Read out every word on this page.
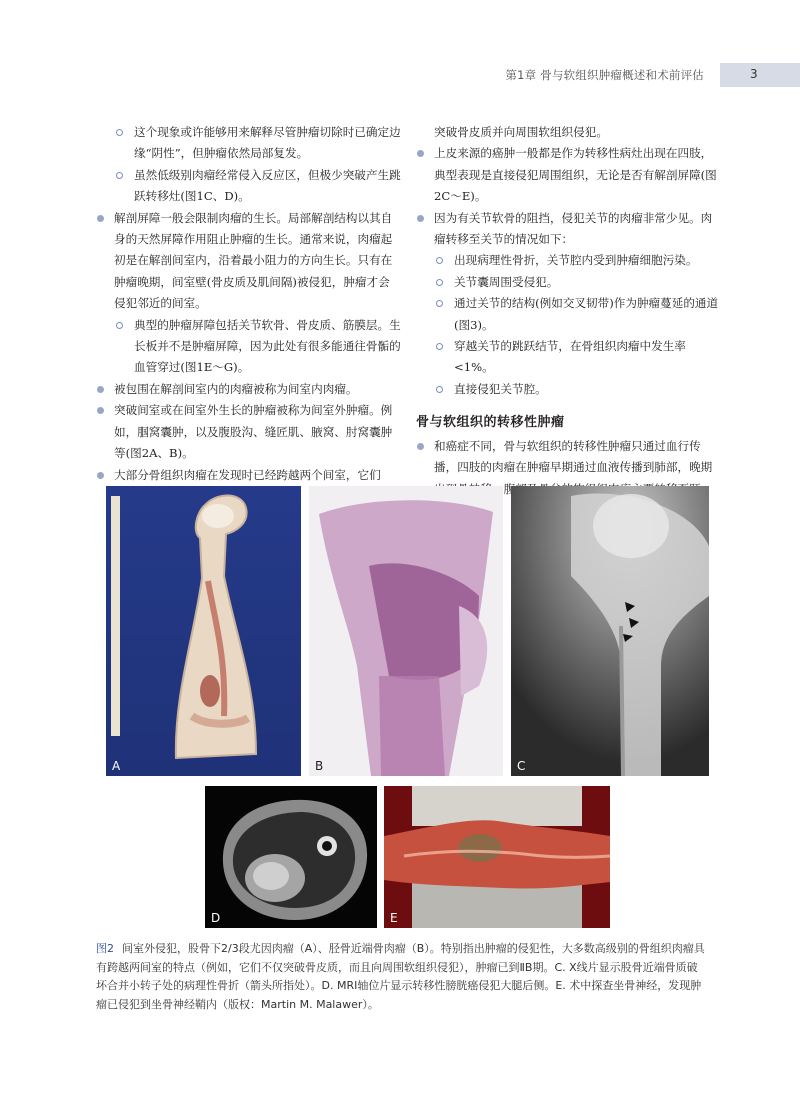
第1章 骨与软组织肿瘤概述和术前评估	3
这个现象或许能够用来解释尽管肿瘤切除时已确定边缘“阴性”，但肿瘤依然局部复发。
虽然低级别肉瘤经常侵入反应区，但极少突破产生跳跃转移灶(图1C、D)。
解剖屏障一般会限制肉瘤的生长。局部解剖结构以其自身的天然屏障作用阻止肿瘤的生长。通常来说，肉瘤起初是在解剖间室内，沿着最小阻力的方向生长。只有在肿瘤晚期，间室壁(骨皮质及肌间隔)被侵犯，肿瘤才会侵犯邻近的间室。
典型的肿瘤屏障包括关节软骨、骨皮质、筋膜层。生长板并不是肿瘤屏障，因为此处有很多能通往骨骺的血管穿过(图1E～G)。
被包围在解剖间室内的肉瘤被称为间室内肉瘤。
突破间室或在间室外生长的肿瘤被称为间室外肿瘤。例如，腘窝囊肿，以及腹股沟、缝匠肌、腋窝、肘窝囊肿等(图2A、B)。
大部分骨组织肉瘤在发现时已经跨越两个间室，它们
突破骨皮质并向周围软组织侵犯。
上皮来源的癌肿一般都是作为转移性病灶出现在四肢，典型表现是直接侵犯周围组织，无论是否有解剖屏障(图2C～E)。
因为有关节软骨的阻挡，侵犯关节的肉瘤非常少见。肉瘤转移至关节的情况如下：
出现病理性骨折，关节腔内受到肿瘤细胞污染。
关节囊周围受侵犯。
通过关节的结构(例如交叉韧带)作为肿瘤蔓延的通道(图3)。
穿越关节的跳跃结节，在骨组织肉瘤中发生率<1%。
直接侵犯关节腔。
骨与软组织的转移性肿瘤
和癌症不同，骨与软组织的转移性肿瘤只通过血行传播，四肢的肉瘤在肿瘤早期通过血液传播到肺部，晚期 。腹
A	B	C
D	E
图2 间室外侵犯，股骨下2/3段尤因肉瘤（A）、胫骨近端骨肉瘤（B）。特别指出肿瘤的侵犯性，大多数高级别的骨组织肉瘤具有跨越两间室的特点（例如，它们不仅突破骨皮质，而且向周围软组织侵犯），肿瘤已到ⅡB期。C. X线片显示股骨近端骨质破坏合并小转子处的病理性骨折（箭头所指处）。D. MRI轴位片显示转移性膀胱癌侵犯大腿后侧。E. 术中探查坐骨神经，发现肿瘤已侵犯到坐骨神经鞘内（版权：Martin M. Malawer）。
